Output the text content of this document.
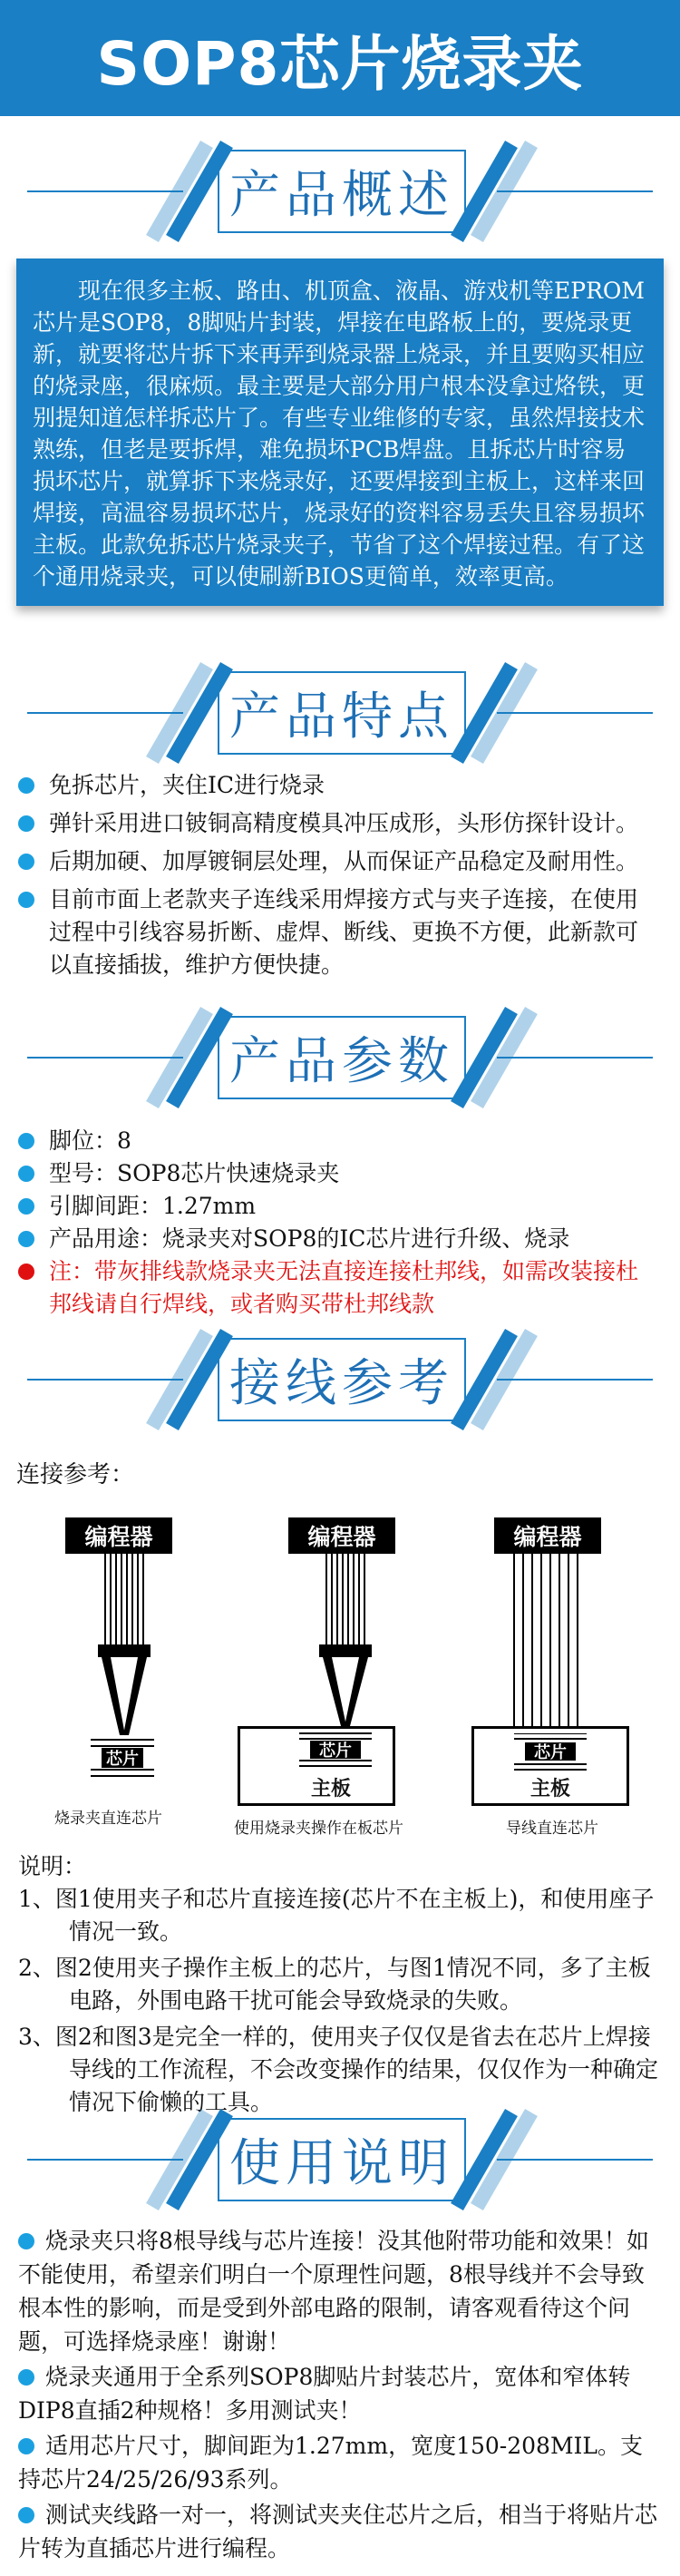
SOP8芯片烧录夹
产品概述

现在很多主板、路由、机顶盒、液晶、游戏机等EPROM芯片是SOP8，8脚贴片封装，焊接在电路板上的，要烧录更新，就要将芯片拆下来再弄到烧录器上烧录，并且要购买相应的烧录座，很麻烦。最主要是大部分用户根本没拿过烙铁，更别提知道怎样拆芯片了。有些专业维修的专家，虽然焊接技术熟练，但老是要拆焊，难免损坏PCB焊盘。且拆芯片时容易损坏芯片，就算拆下来烧录好，还要焊接到主板上，这样来回焊接，高温容易损坏芯片，烧录好的资料容易丢失且容易损坏主板。此款免拆芯片烧录夹子，节省了这个焊接过程。有了这个通用烧录夹，可以使刷新BIOS更简单，效率更高。

产品特点
免拆芯片，夹住IC进行烧录
弹针采用进口铍铜高精度模具冲压成形，头形仿探针设计。
后期加硬、加厚镀铜层处理，从而保证产品稳定及耐用性。
目前市面上老款夹子连线采用焊接方式与夹子连接，在使用过程中引线容易折断、虚焊、断线、更换不方便，此新款可以直接插拔，维护方便快捷。
产品参数
脚位：8
型号：SOP8芯片快速烧录夹
引脚间距：1.27mm
产品用途：烧录夹对SOP8的IC芯片进行升级、烧录
注：带灰排线款烧录夹无法直接连接杜邦线，如需改装接杜邦线请自行焊线，或者购买带杜邦线款
接线参考
连接参考：
编程器
芯片
烧录夹直连芯片
编程器
芯片
主板
使用烧录夹操作在板芯片
编程器
芯片
主板
导线直连芯片
说明：
1、图1使用夹子和芯片直接连接(芯片不在主板上)，和使用座子情况一致。
2、图2使用夹子操作主板上的芯片，与图1情况不同，多了主板电路，外围电路干扰可能会导致烧录的失败。
3、图2和图3是完全一样的，使用夹子仅仅是省去在芯片上焊接导线的工作流程，不会改变操作的结果，仅仅作为一种确定情况下偷懒的工具。
使用说明
烧录夹只将8根导线与芯片连接！没其他附带功能和效果！如不能使用，希望亲们明白一个原理性问题，8根导线并不会导致根本性的影响，而是受到外部电路的限制，请客观看待这个问题，可选择烧录座！谢谢！
烧录夹通用于全系列SOP8脚贴片封装芯片，宽体和窄体转DIP8直插2种规格！多用测试夹！
适用芯片尺寸，脚间距为1.27mm，宽度150-208MIL。支持芯片24/25/26/93系列。
测试夹线路一对一，将测试夹夹住芯片之后，相当于将贴片芯片转为直插芯片进行编程。
